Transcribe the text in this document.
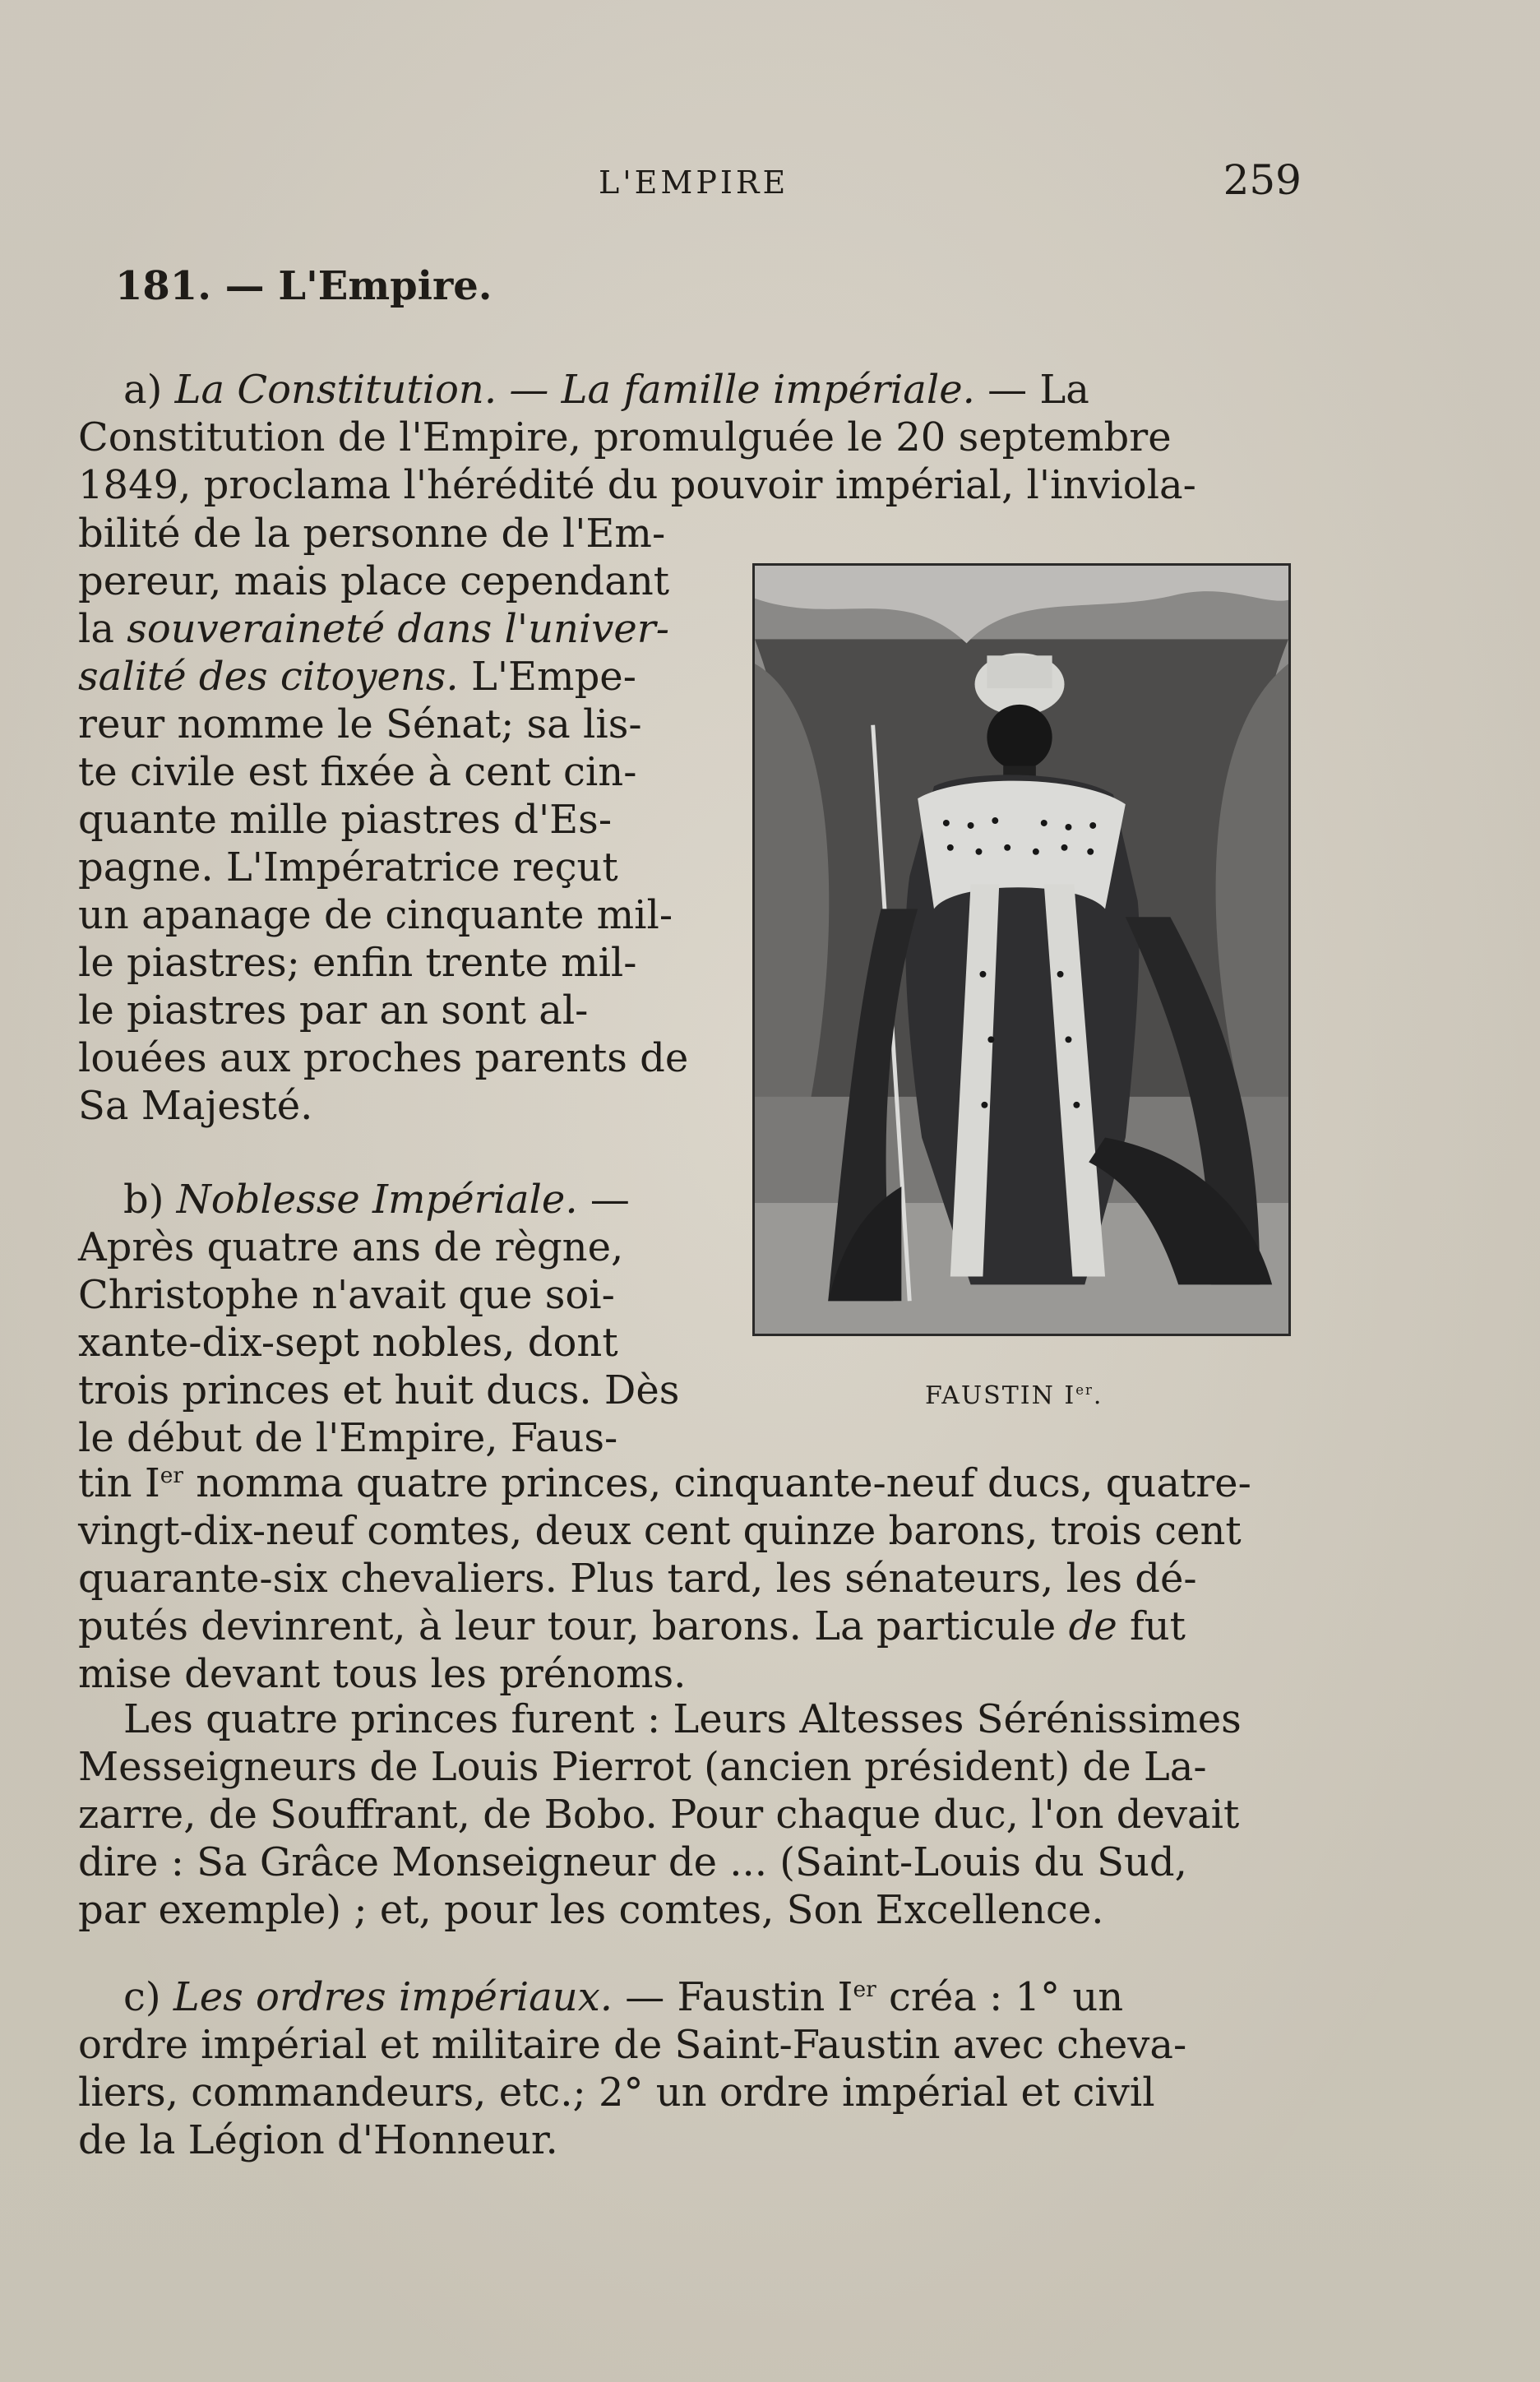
L'EMPIRE	259
181. — L'Empire.
a) La Constitution. — La famille impériale. — La
Constitution de l'Empire, promulguée le 20 septembre
1849, proclama l'hérédité du pouvoir impérial, l'inviola-
bilité de la personne de l'Em-
pereur, mais place cependant
la souveraineté dans l'univer-
salité des citoyens. L'Empe-
reur nomme le Sénat; sa lis-
te civile est fixée à cent cin-
quante mille piastres d'Es-
pagne. L'Impératrice reçut
un apanage de cinquante mil-
le piastres; enfin trente mil-
le piastres par an sont al-
louées aux proches parents de
Sa Majesté.
b) Noblesse Impériale. —
Après quatre ans de règne,
Christophe n'avait que soi-
xante-dix-sept nobles, dont
trois princes et huit ducs. Dès
le début de l'Empire, Faus-
FAUSTIN Ier.
tin Ier nomma quatre princes, cinquante-neuf ducs, quatre-
vingt-dix-neuf comtes, deux cent quinze barons, trois cent
quarante-six chevaliers. Plus tard, les sénateurs, les dé-
putés devinrent, à leur tour, barons. La particule de fut
mise devant tous les prénoms.
Les quatre princes furent : Leurs Altesses Sérénissimes
Messeigneurs de Louis Pierrot (ancien président) de La-
zarre, de Souffrant, de Bobo. Pour chaque duc, l'on devait
dire : Sa Grâce Monseigneur de ... (Saint-Louis du Sud,
par exemple) ; et, pour les comtes, Son Excellence.
c) Les ordres impériaux. — Faustin Ier créa : 1° un
ordre impérial et militaire de Saint-Faustin avec cheva-
liers, commandeurs, etc.; 2° un ordre impérial et civil
de la Légion d'Honneur.
